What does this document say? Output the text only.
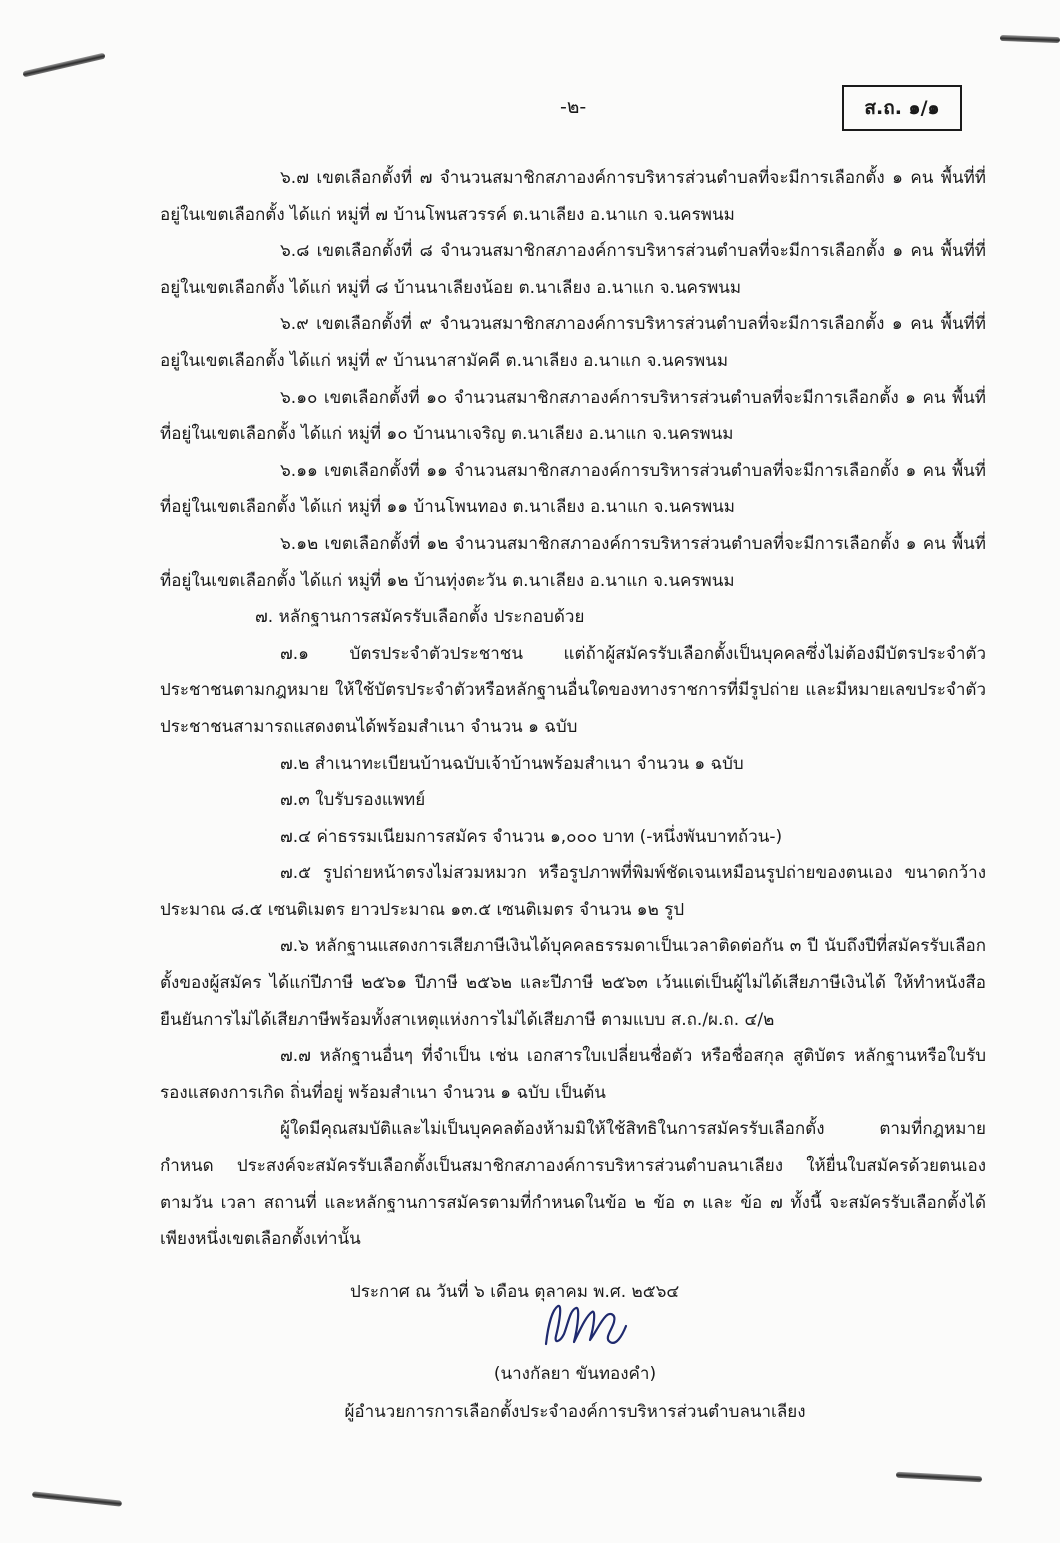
-๒-	ส.ถ. ๑/๑

๖.๗ เขตเลือกตั้งที่ ๗ จำนวนสมาชิกสภาองค์การบริหารส่วนตำบลที่จะมีการเลือกตั้ง ๑ คน พื้นที่ที่อยู่ในเขตเลือกตั้ง ได้แก่ หมู่ที่ ๗ บ้านโพนสวรรค์ ต.นาเลียง อ.นาแก จ.นครพนม

๖.๘ เขตเลือกตั้งที่ ๘ จำนวนสมาชิกสภาองค์การบริหารส่วนตำบลที่จะมีการเลือกตั้ง ๑ คน พื้นที่ที่อยู่ในเขตเลือกตั้ง ได้แก่ หมู่ที่ ๘ บ้านนาเลียงน้อย ต.นาเลียง อ.นาแก จ.นครพนม

๖.๙ เขตเลือกตั้งที่ ๙ จำนวนสมาชิกสภาองค์การบริหารส่วนตำบลที่จะมีการเลือกตั้ง ๑ คน พื้นที่ที่อยู่ในเขตเลือกตั้ง ได้แก่ หมู่ที่ ๙ บ้านนาสามัคคี ต.นาเลียง อ.นาแก จ.นครพนม

๖.๑๐ เขตเลือกตั้งที่ ๑๐ จำนวนสมาชิกสภาองค์การบริหารส่วนตำบลที่จะมีการเลือกตั้ง ๑ คน พื้นที่ที่อยู่ในเขตเลือกตั้ง ได้แก่ หมู่ที่ ๑๐ บ้านนาเจริญ ต.นาเลียง อ.นาแก จ.นครพนม

๖.๑๑ เขตเลือกตั้งที่ ๑๑ จำนวนสมาชิกสภาองค์การบริหารส่วนตำบลที่จะมีการเลือกตั้ง ๑ คน พื้นที่ที่อยู่ในเขตเลือกตั้ง ได้แก่ หมู่ที่ ๑๑ บ้านโพนทอง ต.นาเลียง อ.นาแก จ.นครพนม

๖.๑๒ เขตเลือกตั้งที่ ๑๒ จำนวนสมาชิกสภาองค์การบริหารส่วนตำบลที่จะมีการเลือกตั้ง ๑ คน พื้นที่ที่อยู่ในเขตเลือกตั้ง ได้แก่ หมู่ที่ ๑๒ บ้านทุ่งตะวัน ต.นาเลียง อ.นาแก จ.นครพนม

๗. หลักฐานการสมัครรับเลือกตั้ง ประกอบด้วย

๗.๑ บัตรประจำตัวประชาชน แต่ถ้าผู้สมัครรับเลือกตั้งเป็นบุคคลซึ่งไม่ต้องมีบัตรประจำตัวประชาชนตามกฎหมาย ให้ใช้บัตรประจำตัวหรือหลักฐานอื่นใดของทางราชการที่มีรูปถ่าย และมีหมายเลขประจำตัวประชาชนสามารถแสดงตนได้พร้อมสำเนา จำนวน ๑ ฉบับ

๗.๒ สำเนาทะเบียนบ้านฉบับเจ้าบ้านพร้อมสำเนา จำนวน ๑ ฉบับ

๗.๓ ใบรับรองแพทย์

๗.๔ ค่าธรรมเนียมการสมัคร จำนวน ๑,๐๐๐ บาท (-หนึ่งพันบาทถ้วน-)

๗.๕ รูปถ่ายหน้าตรงไม่สวมหมวก หรือรูปภาพที่พิมพ์ชัดเจนเหมือนรูปถ่ายของตนเอง ขนาดกว้างประมาณ ๘.๕ เซนติเมตร ยาวประมาณ ๑๓.๕ เซนติเมตร จำนวน ๑๒ รูป

๗.๖ หลักฐานแสดงการเสียภาษีเงินได้บุคคลธรรมดาเป็นเวลาติดต่อกัน ๓ ปี นับถึงปีที่สมัครรับเลือกตั้งของผู้สมัคร ได้แก่ปีภาษี ๒๕๖๑ ปีภาษี ๒๕๖๒ และปีภาษี ๒๕๖๓ เว้นแต่เป็นผู้ไม่ได้เสียภาษีเงินได้ ให้ทำหนังสือยืนยันการไม่ได้เสียภาษีพร้อมทั้งสาเหตุแห่งการไม่ได้เสียภาษี ตามแบบ ส.ถ./ผ.ถ. ๔/๒

๗.๗ หลักฐานอื่นๆ ที่จำเป็น เช่น เอกสารใบเปลี่ยนชื่อตัว หรือชื่อสกุล สูติบัตร หลักฐานหรือใบรับรองแสดงการเกิด ถิ่นที่อยู่ พร้อมสำเนา จำนวน ๑ ฉบับ เป็นต้น

ผู้ใดมีคุณสมบัติและไม่เป็นบุคคลต้องห้ามมิให้ใช้สิทธิในการสมัครรับเลือกตั้ง ตามที่กฎหมายกำหนด ประสงค์จะสมัครรับเลือกตั้งเป็นสมาชิกสภาองค์การบริหารส่วนตำบลนาเลียง ให้ยื่นใบสมัครด้วยตนเอง ตามวัน เวลา สถานที่ และหลักฐานการสมัครตามที่กำหนดในข้อ ๒ ข้อ ๓ และ ข้อ ๗ ทั้งนี้ จะสมัครรับเลือกตั้งได้เพียงหนึ่งเขตเลือกตั้งเท่านั้น

ประกาศ ณ วันที่ ๖ เดือน ตุลาคม พ.ศ. ๒๕๖๔

(นางกัลยา ขันทองคำ)
ผู้อำนวยการการเลือกตั้งประจำองค์การบริหารส่วนตำบลนาเลียง
